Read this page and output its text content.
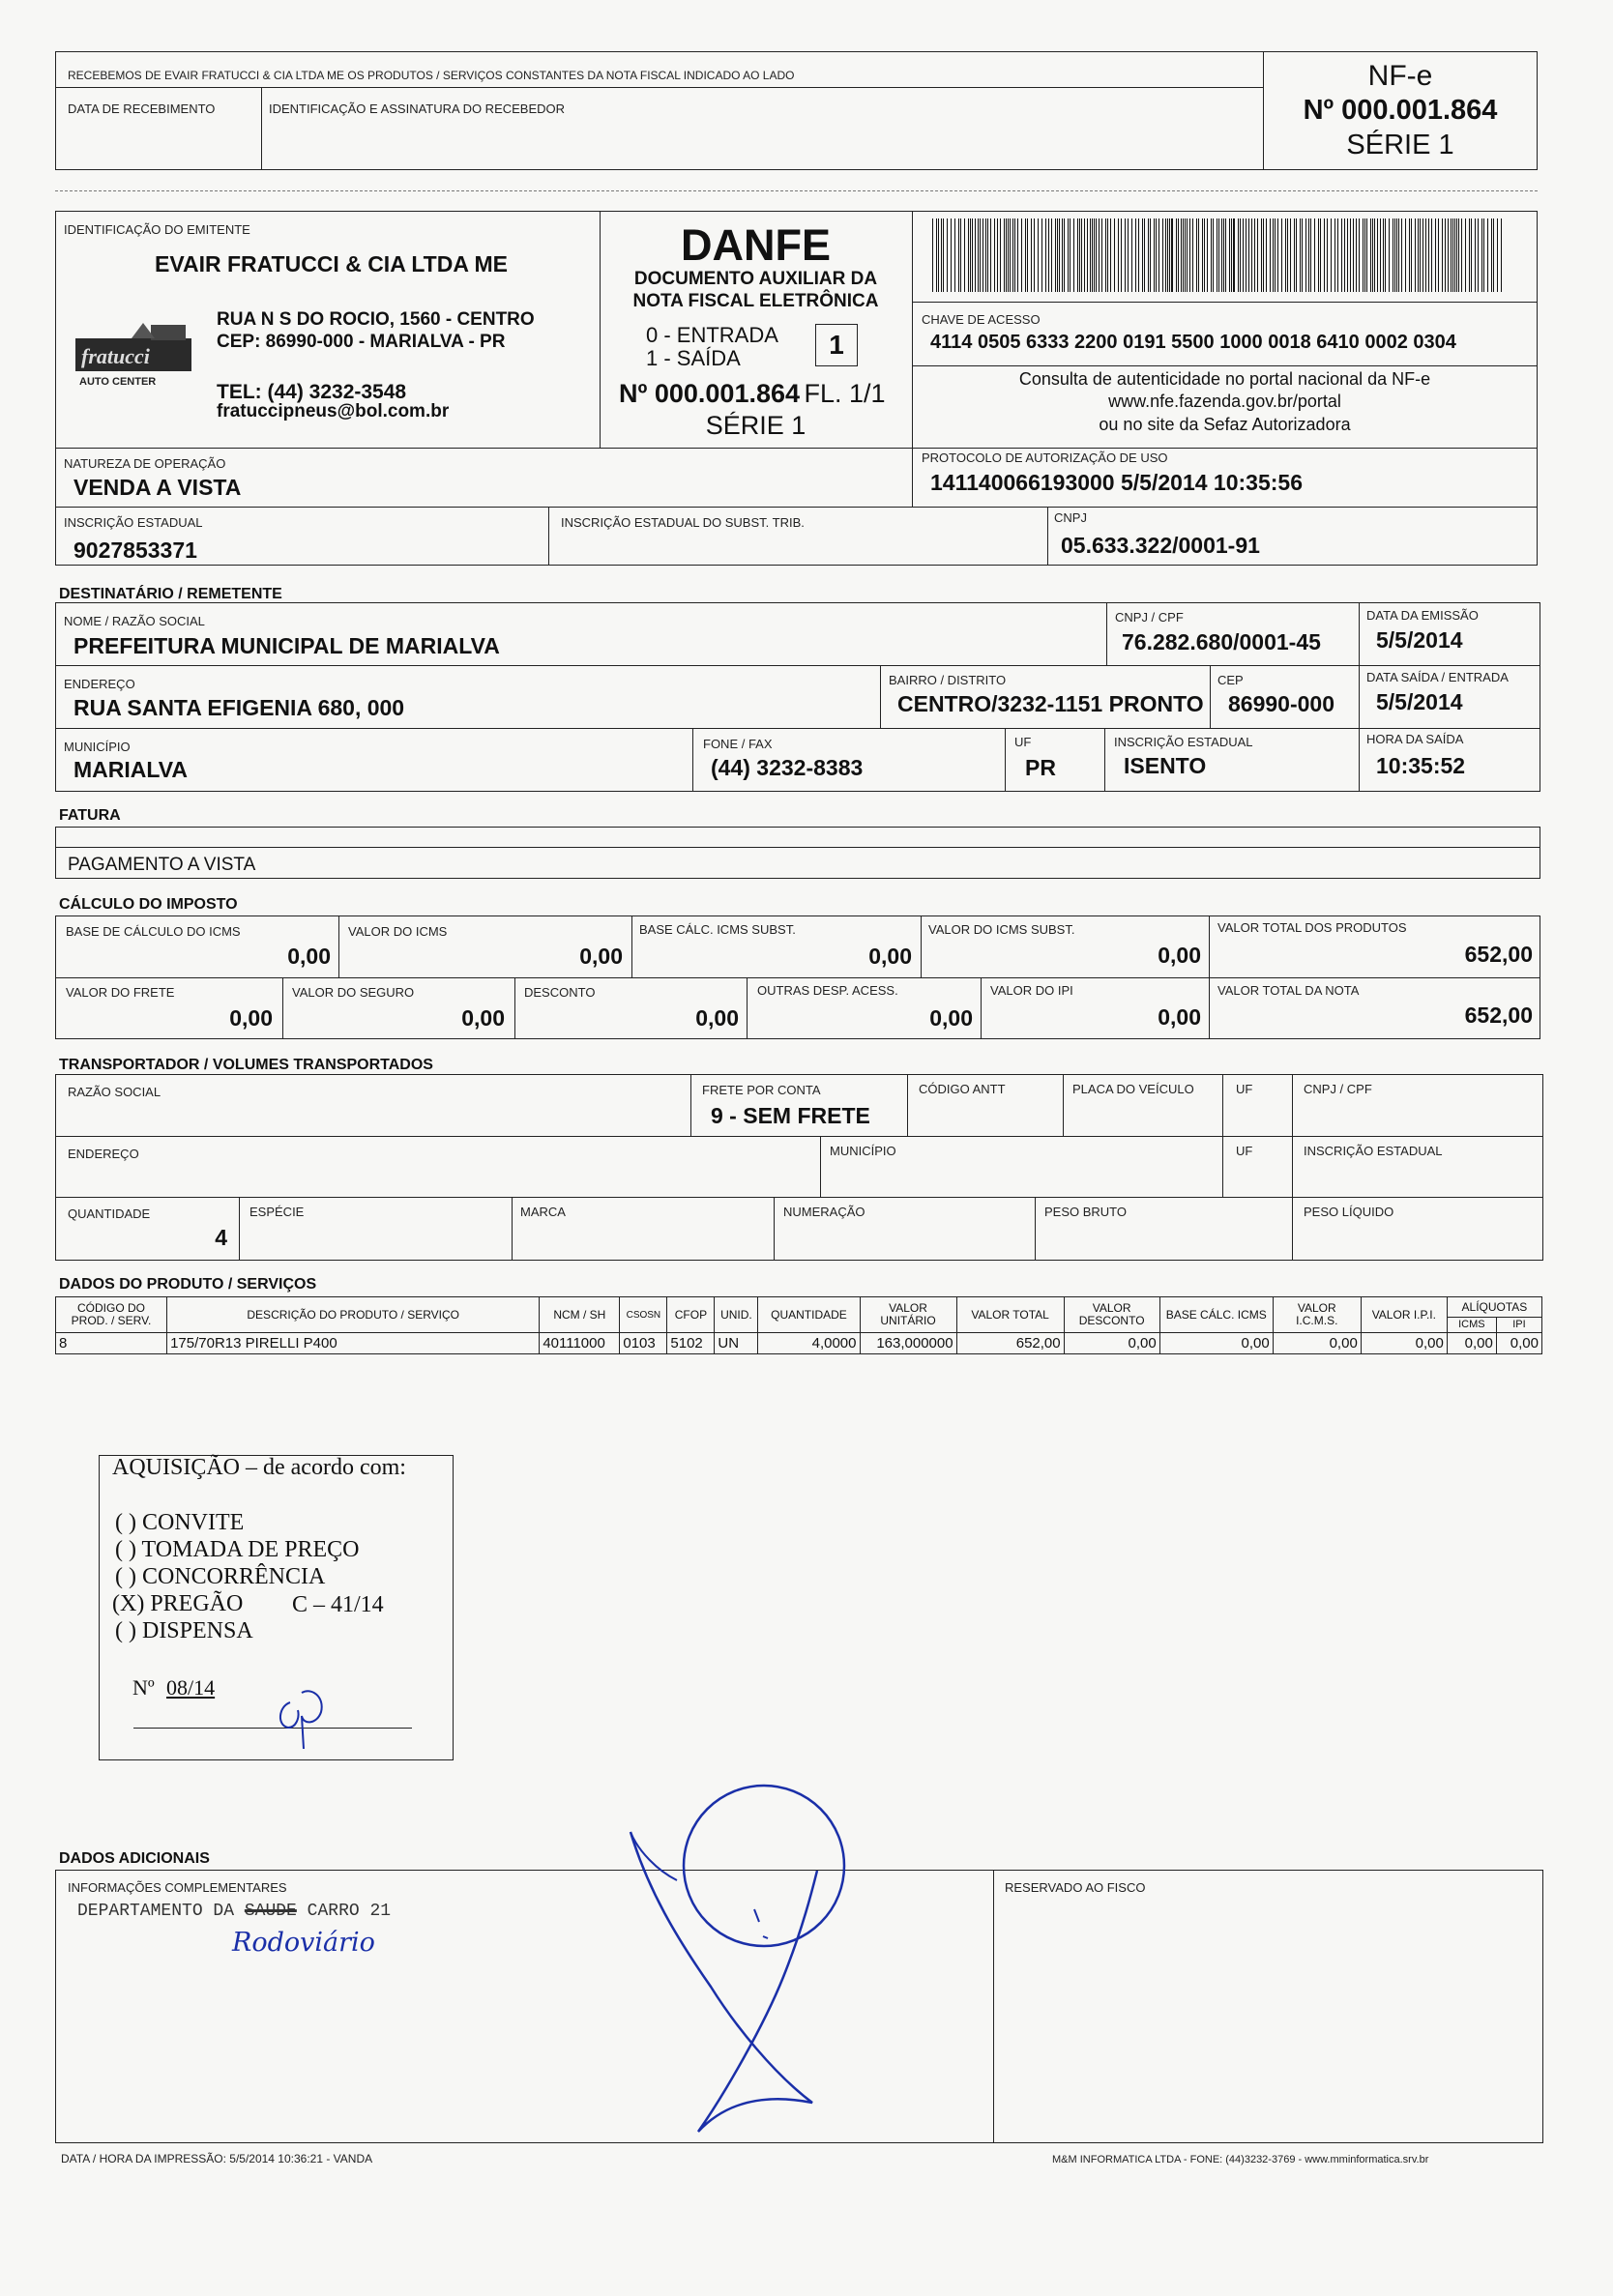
RECEBEMOS DE EVAIR FRATUCCI & CIA LTDA ME OS PRODUTOS / SERVIÇOS CONSTANTES DA NOTA FISCAL INDICADO AO LADO
DATA DE RECEBIMENTO	IDENTIFICAÇÃO E ASSINATURA DO RECEBEDOR
NF-e
Nº 000.001.864
SÉRIE 1
IDENTIFICAÇÃO DO EMITENTE
EVAIR FRATUCCI & CIA LTDA ME
fratucci
AUTO CENTER
RUA N S DO ROCIO, 1560 - CENTRO
CEP: 86990-000 - MARIALVA - PR
TEL: (44) 3232-3548
fratuccipneus@bol.com.br
DANFE
DOCUMENTO AUXILIAR DA
NOTA FISCAL ELETRÔNICA
0 - ENTRADA
1 - SAÍDA	1
Nº 000.001.864 FL. 1/1
SÉRIE 1
CHAVE DE ACESSO
4114 0505 6333 2200 0191 5500 1000 0018 6410 0002 0304
Consulta de autenticidade no portal nacional da NF-e
www.nfe.fazenda.gov.br/portal
ou no site da Sefaz Autorizadora
NATUREZA DE OPERAÇÃO
VENDA A VISTA
PROTOCOLO DE AUTORIZAÇÃO DE USO
141140066193000 5/5/2014 10:35:56
INSCRIÇÃO ESTADUAL
9027853371
INSCRIÇÃO ESTADUAL DO SUBST. TRIB.	CNPJ
05.633.322/0001-91
DESTINATÁRIO / REMETENTE
NOME / RAZÃO SOCIAL
PREFEITURA MUNICIPAL DE MARIALVA
CNPJ / CPF
76.282.680/0001-45
DATA DA EMISSÃO
5/5/2014
ENDEREÇO
RUA SANTA EFIGENIA 680, 000
BAIRRO / DISTRITO
CENTRO/3232-1151 PRONTO
CEP
86990-000
DATA SAÍDA / ENTRADA
5/5/2014
MUNICÍPIO
MARIALVA
FONE / FAX
(44) 3232-8383
UF
PR
INSCRIÇÃO ESTADUAL
ISENTO
HORA DA SAÍDA
10:35:52
FATURA
PAGAMENTO A VISTA
CÁLCULO DO IMPOSTO
BASE DE CÁLCULO DO ICMS
0,00
VALOR DO ICMS
0,00
BASE CÁLC. ICMS SUBST.
0,00
VALOR DO ICMS SUBST.
0,00
VALOR TOTAL DOS PRODUTOS
652,00
VALOR DO FRETE
0,00
VALOR DO SEGURO
0,00
DESCONTO
0,00
OUTRAS DESP. ACESS.
0,00
VALOR DO IPI
0,00
VALOR TOTAL DA NOTA
652,00
TRANSPORTADOR / VOLUMES TRANSPORTADOS
RAZÃO SOCIAL	FRETE POR CONTA
9 - SEM FRETE
CÓDIGO ANTT	PLACA DO VEÍCULO	UF	CNPJ / CPF
ENDEREÇO	MUNICÍPIO	UF	INSCRIÇÃO ESTADUAL
QUANTIDADE
4
ESPÉCIE	MARCA	NUMERAÇÃO	PESO BRUTO	PESO LÍQUIDO
DADOS DO PRODUTO / SERVIÇOS
CÓDIGO DO PROD. / SERV.	DESCRIÇÃO DO PRODUTO / SERVIÇO	NCM / SH	CSOSN	CFOP	UNID.	QUANTIDADE	VALOR UNITÁRIO	VALOR TOTAL	VALOR DESCONTO	BASE CÁLC. ICMS	VALOR I.C.M.S.	VALOR I.P.I.	ALÍQUOTAS	
													ICMS	IPI
8	175/70R13 PIRELLI P400	40111000	0103	5102	UN	4,0000	163,000000	652,00	0,00	0,00	0,00	0,00	0,00	0,00
AQUISIÇÃO – de acordo com:
( ) CONVITE
( ) TOMADA DE PREÇO
( ) CONCORRÊNCIA
(X) PREGÃO C – 41/14
( ) DISPENSA
Nº 08/14
DADOS ADICIONAIS
INFORMAÇÕES COMPLEMENTARES
DEPARTAMENTO DA SAUDE CARRO 21
Rodoviário
RESERVADO AO FISCO
DATA / HORA DA IMPRESSÃO: 5/5/2014 10:36:21 - VANDA	M&M INFORMATICA LTDA - FONE: (44)3232-3769 - www.mminformatica.srv.br
